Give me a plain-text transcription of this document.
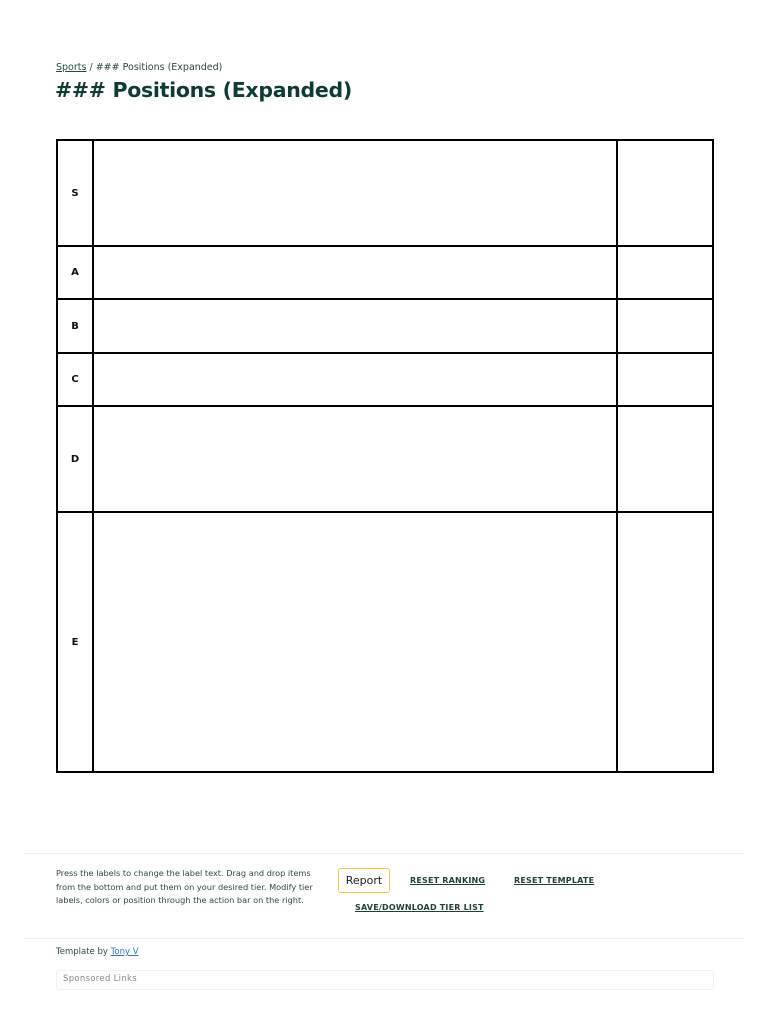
Sports / ### Positions (Expanded)
### Positions (Expanded)
S
A
B
C
D
E

Press the labels to change the label text. Drag and drop items from the bottom and put them on your desired tier. Modify tier labels, colors or position through the action bar on the right.

Report	RESET RANKING	RESET TEMPLATE
SAVE/DOWNLOAD TIER LIST
Template by Tony V
Sponsored Links
